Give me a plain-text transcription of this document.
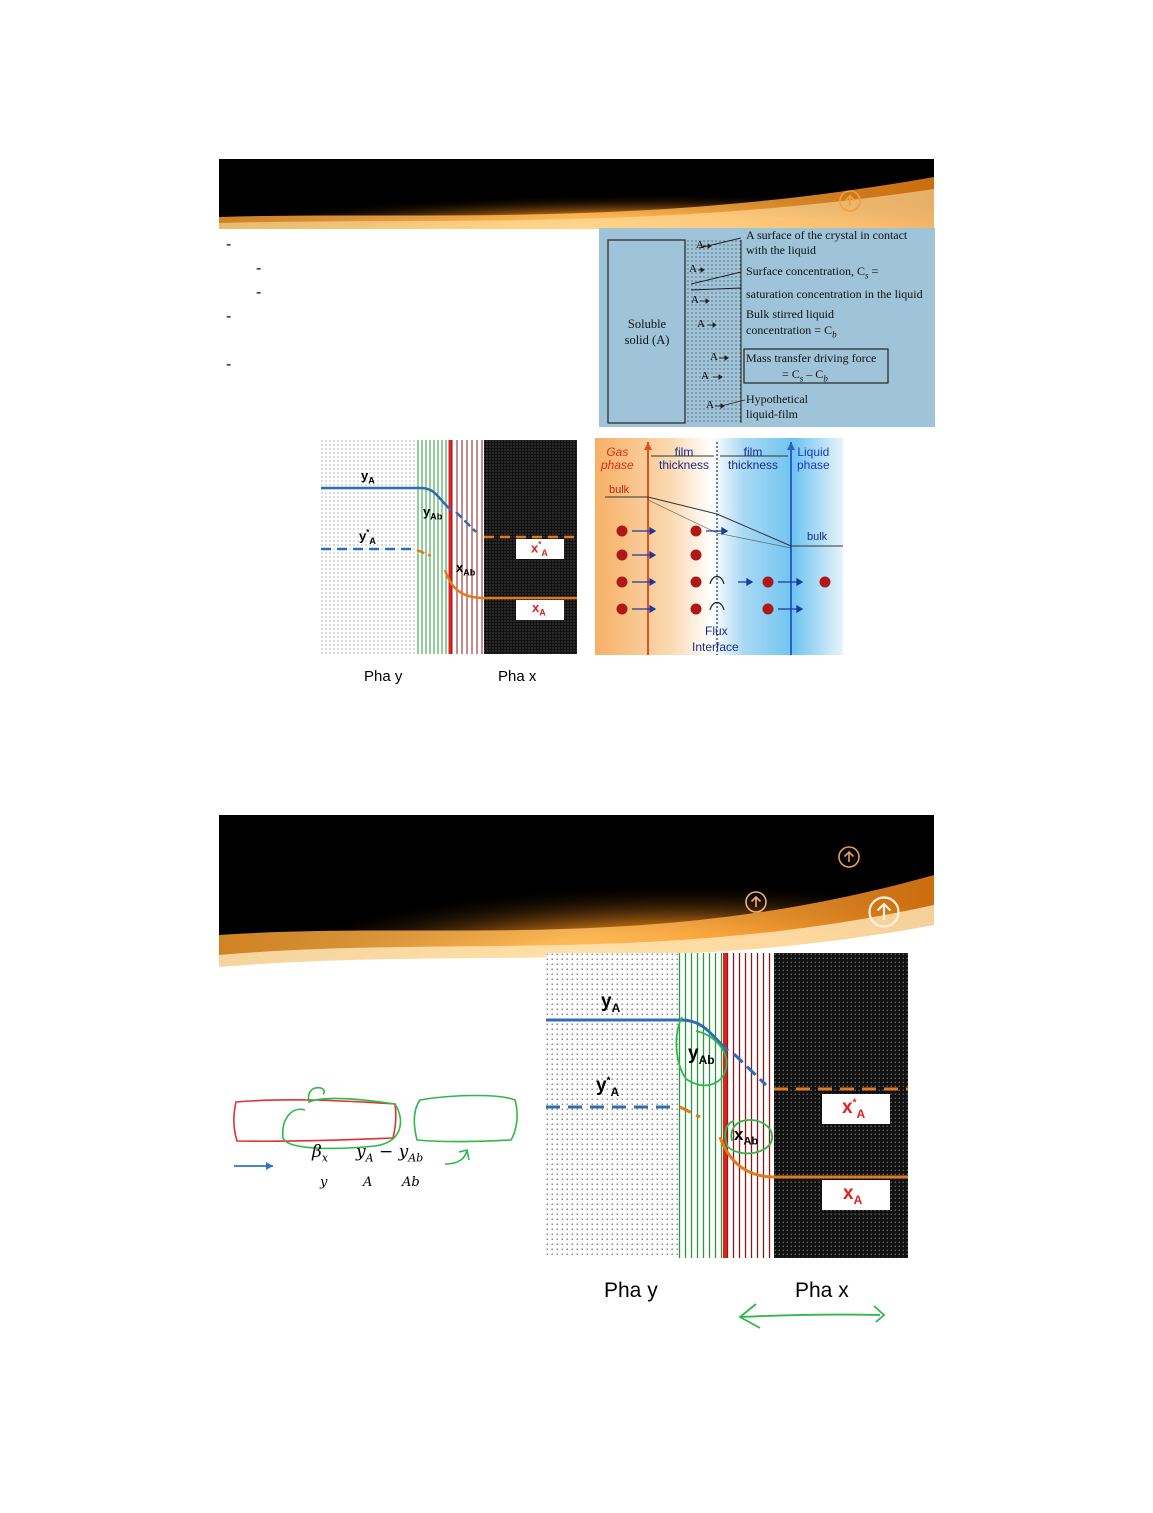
-
-
-
-
-
A
A
A
A
A
A
A
Soluble
solid (A)
A surface of the crystal in contact
with the liquid
Surface concentration, $C_s$ =
saturation concentration in the liquid
Bulk stirred liquid
concentration = $C_b$
Mass transfer driving force
= $C_s - C_b$
Hypothetical
liquid-film
$y_A$
$y_{Ab}$
$y^*_A$
$x_{Ab}$
$x^*_A$
$x_A$
Pha y	Pha x
Gas
phase
film
thickness
film
thickness
Liquid
phase
bulk
bulk
Flux
Interface
$\beta_x$ $y_A - y_{Ab}$
y	A Ab
$y_A$
$y_{Ab}$
$y^*_A$
$x_{Ab}$
$x^*_A$
$x_A$
Pha y	Pha x
